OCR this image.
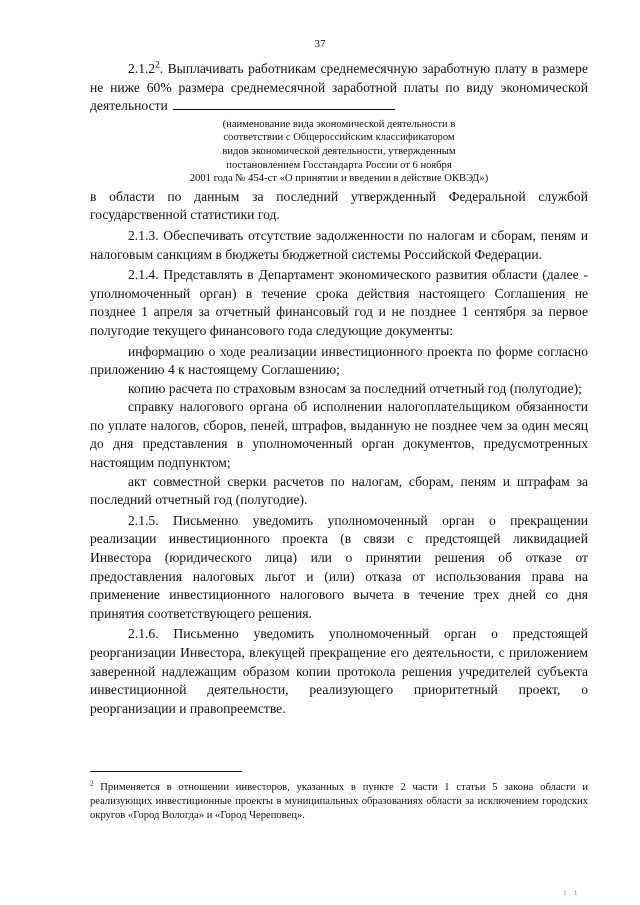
37

2.1.2$^2$. Выплачивать работникам среднемесячную заработную плату в размере не ниже 60% размера среднемесячной заработной платы по виду экономической деятельности

(наименование вида экономической деятельности в
соответствии с Общероссийским классификатором
видов экономической деятельности, утвержденным
постановлением Госстандарта России от 6 ноября
2001 года № 454-ст «О принятии и введении в действие ОКВЭД»)

в области по данным за последний утвержденный Федеральной службой государственной статистики год.

2.1.3. Обеспечивать отсутствие задолженности по налогам и сборам, пеням и налоговым санкциям в бюджеты бюджетной системы Российской Федерации.

2.1.4. Представлять в Департамент экономического развития области (далее - уполномоченный орган) в течение срока действия настоящего Соглашения не позднее 1 апреля за отчетный финансовый год и не позднее 1 сентября за первое полугодие текущего финансового года следующие документы:

информацию о ходе реализации инвестиционного проекта по форме согласно приложению 4 к настоящему Соглашению;

копию расчета по страховым взносам за последний отчетный год (полугодие);

справку налогового органа об исполнении налогоплательщиком обязанности по уплате налогов, сборов, пеней, штрафов, выданную не позднее чем за один месяц до дня представления в уполномоченный орган документов, предусмотренных настоящим подпунктом;

акт совместной сверки расчетов по налогам, сборам, пеням и штрафам за последний отчетный год (полугодие).

2.1.5. Письменно уведомить уполномоченный орган о прекращении реализации инвестиционного проекта (в связи с предстоящей ликвидацией Инвестора (юридического лица) или о принятии решения об отказе от предоставления налоговых льгот и (или) отказа от использования права на применение инвестиционного налогового вычета в течение трех дней со дня принятия соответствующего решения.

2.1.6. Письменно уведомить уполномоченный орган о предстоящей реорганизации Инвестора, влекущей прекращение его деятельности, с приложением заверенной надлежащим образом копии протокола решения учредителей субъекта инвестиционной деятельности, реализующего приоритетный проект, о реорганизации и правопреемстве.

$^2$ Применяется в отношении инвесторов, указанных в пункте 2 части 1 статьи 5 закона области и реализующих инвестиционные проекты в муниципальных образованиях области за исключением городских округов «Город Вологда» и «Город Череповец».
ı ı
